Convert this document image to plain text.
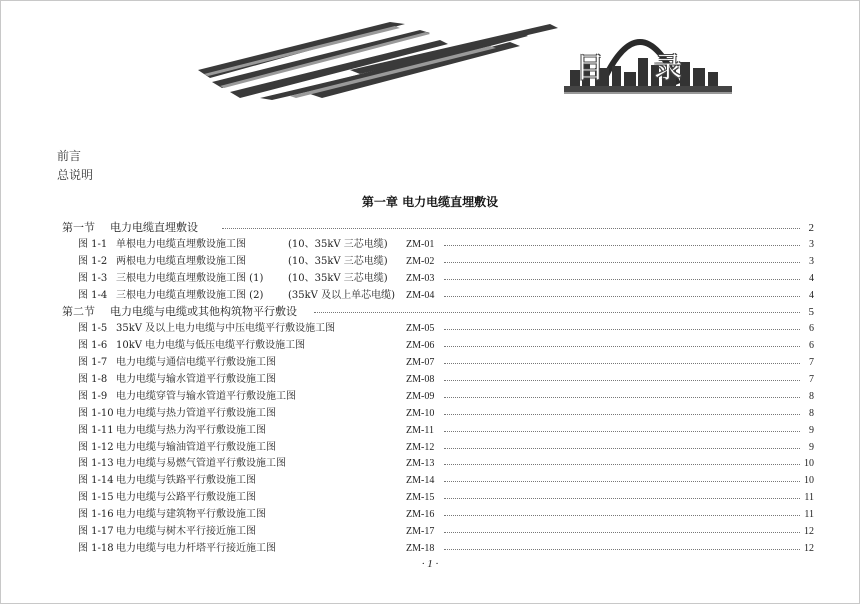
目录
前言
总说明
第一章 电力电缆直埋敷设
第一节 电力电缆直埋敷设	2
图 1-1 单根电力电缆直埋敷设施工图	(10、35kV 三芯电缆) ZM-01	3
图 1-2 两根电力电缆直埋敷设施工图	(10、35kV 三芯电缆) ZM-02	3
图 1-3 三根电力电缆直埋敷设施工图 (1) (10、35kV 三芯电缆) ZM-03	4
图 1-4 三根电力电缆直埋敷设施工图 (2) (35kV 及以上单芯电缆) ZM-04	4
第二节 电力电缆与电缆或其他构筑物平行敷设	5
图 1-5 35kV 及以上电力电缆与中压电缆平行敷设施工图	ZM-05	6
图 1-6 10kV 电力电缆与低压电缆平行敷设施工图	ZM-06	6
图 1-7 电力电缆与通信电缆平行敷设施工图	ZM-07	7
图 1-8 电力电缆与输水管道平行敷设施工图	ZM-08	7
图 1-9 电力电缆穿管与输水管道平行敷设施工图	ZM-09	8
图 1-10 电力电缆与热力管道平行敷设施工图	ZM-10	8
图 1-11 电力电缆与热力沟平行敷设施工图	ZM-11	9
图 1-12 电力电缆与输油管道平行敷设施工图	ZM-12	9
图 1-13 电力电缆与易燃气管道平行敷设施工图	ZM-13	10
图 1-14 电力电缆与铁路平行敷设施工图	ZM-14	10
图 1-15 电力电缆与公路平行敷设施工图	ZM-15	11
图 1-16 电力电缆与建筑物平行敷设施工图	ZM-16	11
图 1-17 电力电缆与树木平行接近施工图	ZM-17	12
图 1-18 电力电缆与电力杆塔平行接近施工图	ZM-18	12
· 1 ·
